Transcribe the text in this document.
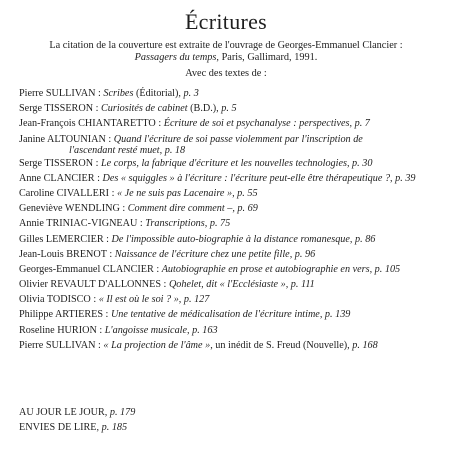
Écritures
La citation de la couverture est extraite de l'ouvrage de Georges-Emmanuel Clancier :
Passagers du temps, Paris, Gallimard, 1991.
Avec des textes de :
Pierre SULLIVAN : Scribes (Éditorial), p. 3
Serge TISSERON : Curiosités de cabinet (B.D.), p. 5
Jean-François CHIANTARETTO : Écriture de soi et psychanalyse : perspectives, p. 7
Janine ALTOUNIAN : Quand l'écriture de soi passe violemment par l'inscription de
l'ascendant resté muet, p. 18
Serge TISSERON : Le corps, la fabrique d'écriture et les nouvelles technologies, p. 30
Anne CLANCIER : Des « squiggles » à l'écriture : l'écriture peut-elle être thérapeutique ?, p. 39
Caroline CIVALLERI : « Je ne suis pas Lacenaire », p. 55
Geneviève WENDLING : Comment dire comment –, p. 69
Annie TRINIAC-VIGNEAU : Transcriptions, p. 75
Gilles LEMERCIER : De l'impossible auto-biographie à la distance romanesque, p. 86
Jean-Louis BRENOT : Naissance de l'écriture chez une petite fille, p. 96
Georges-Emmanuel CLANCIER : Autobiographie en prose et autobiographie en vers, p. 105
Olivier REVAULT D'ALLONNES : Qohelet, dit « l'Ecclésiaste », p. 111
Olivia TODISCO : « Il est où le soi ? », p. 127
Philippe ARTIERES : Une tentative de médicalisation de l'écriture intime, p. 139
Roseline HURION : L'angoisse musicale, p. 163
Pierre SULLIVAN : « La projection de l'âme », un inédit de S. Freud (Nouvelle), p. 168
AU JOUR LE JOUR, p. 179
ENVIES DE LIRE, p. 185
